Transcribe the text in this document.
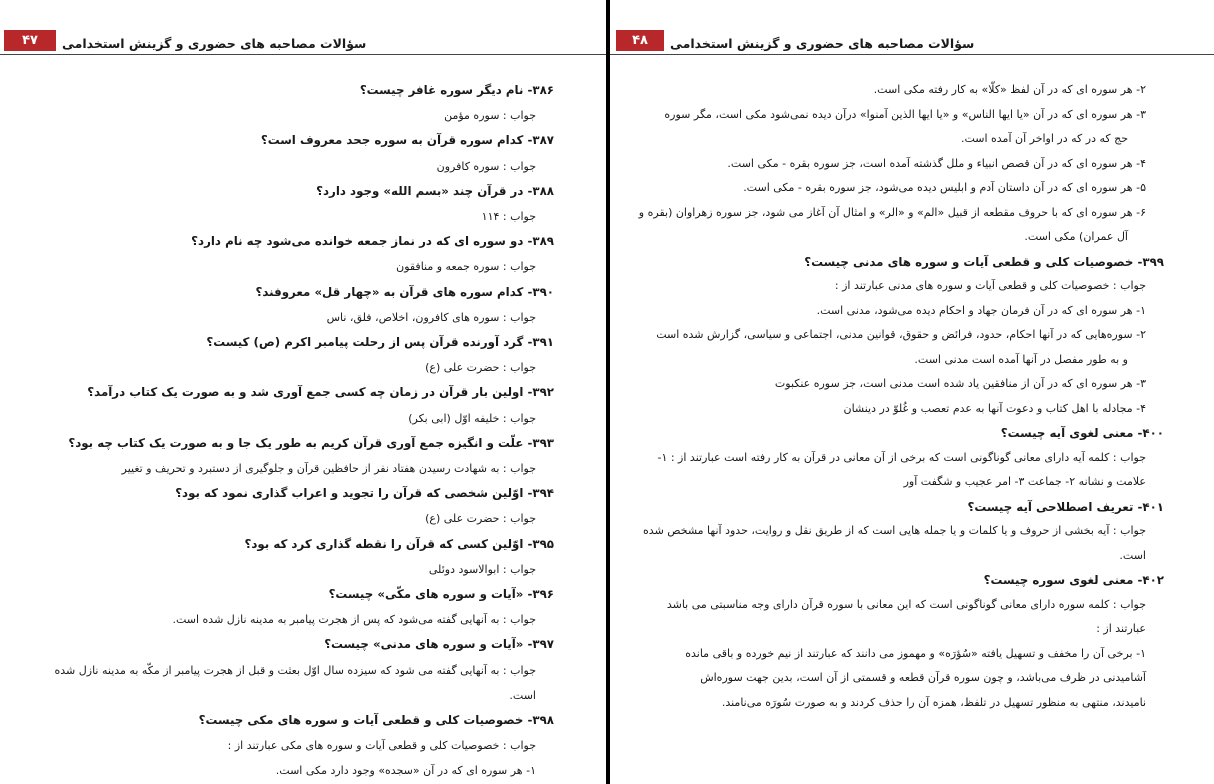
۴۷	سؤالات مصاحبه های حضوری و گزینش استخدامی

۳۸۶- نام دیگر سوره غافر چیست؟

جواب : سوره مؤمن

۳۸۷- کدام سوره قرآن به سوره جحد معروف است؟

جواب : سوره کافرون

۳۸۸- در قرآن چند «بسم الله» وجود دارد؟

جواب : ۱۱۴

۳۸۹- دو سوره ای که در نماز جمعه خوانده می‌شود چه نام دارد؟

جواب : سوره جمعه و منافقون

۳۹۰- کدام سوره های قرآن به «چهار قل» معروفند؟

جواب : سوره های کافرون، اخلاص، فلق، ناس

۳۹۱- گرد آورنده قرآن پس از رحلت پیامبر اکرم (ص) کیست؟

جواب : حضرت علی (ع)

۳۹۲- اولین بار قرآن در زمان چه کسی جمع آوری شد و به صورت یک کتاب درآمد؟

جواب : خلیفه اوّل (ابی بکر)

۳۹۳- علّت و انگیزه جمع آوری قرآن کریم به طور یک جا و به صورت یک کتاب چه بود؟

جواب : به شهادت رسیدن هفتاد نفر از حافظین قرآن و جلوگیری از دستبرد و تحریف و تغییر

۳۹۴- اوّلین شخصی که قرآن را تجوید و اعراب گذاری نمود که بود؟

جواب : حضرت علی (ع)

۳۹۵- اوّلین کسی که قرآن را نقطه گذاری کرد که بود؟

جواب : ابوالاسود دوئلی

۳۹۶- «آیات و سوره های مکّی» چیست؟

جواب : به آنهایی گفته می‌شود که پس از هجرت پیامبر به مدینه نازل شده است.

۳۹۷- «آیات و سوره های مدنی» چیست؟

جواب : به آنهایی گفته می شود که سیزده سال اوّل بعثت و قبل از هجرت پیامبر از مکّه به مدینه نازل شده

است.

۳۹۸- خصوصیات کلی و قطعی آیات و سوره های مکی چیست؟

جواب : خصوصیات کلی و قطعی آیات و سوره های مکی عبارتند از :

۱- هر سوره ای که در آن «سجده» وجود دارد مکی است.

۴۸	سؤالات مصاحبه های حضوری و گزینش استخدامی

۲- هر سوره ای که در آن لفظ «کلّا» به کار رفته مکی است.

۳- هر سوره ای که در آن «یا ایها الناس» و «یا ایها الذین آمنوا» درآن دیده نمی‌شود مکی است، مگر سوره

حج که در که در اواخر آن آمده است.

۴- هر سوره ای که در آن قصص انبیاء و ملل گذشته آمده است، جز سوره بقره - مکی است.

۵- هر سوره ای که در آن داستان آدم و ابلیس دیده می‌شود، جز سوره بقره - مکی است.

۶- هر سوره ای که با حروف مقطعه از قبیل «الم» و «الر» و امثال آن آغاز می شود، جز سوره زهراوان (بقره و

آل عمران) مکی است.

۳۹۹- خصوصیات کلی و قطعی آیات و سوره های مدنی چیست؟

جواب : خصوصیات کلی و قطعی آیات و سوره های مدنی عبارتند از :

۱- هر سوره ای که در آن فرمان جهاد و احکام دیده می‌شود، مدنی است.

۲- سوره‌هایی که در آنها احکام، حدود، فرائض و حقوق، قوانین مدنی، اجتماعی و سیاسی، گزارش شده است

و به طور مفصل در آنها آمده است مدنی است.

۳- هر سوره ای که در آن از منافقین یاد شده است مدنی است، جز سوره عنکبوت

۴- مجادله با اهل کتاب و دعوت آنها به عدم تعصب و غُلوّ در دینشان

۴۰۰- معنی لغوی آیه چیست؟

جواب : کلمه آیه دارای معانی گوناگونی است که برخی از آن معانی در قرآن به کار رفته است عبارتند از : ۱-

علامت و نشانه ۲- جماعت ۳- امر عجیب و شگفت آور

۴۰۱- تعریف اصطلاحی آیه چیست؟

جواب : آیه بخشی از حروف و یا کلمات و یا جمله هایی است که از طریق نقل و روایت، حدود آنها مشخص شده

است.

۴۰۲- معنی لغوی سوره چیست؟

جواب : کلمه سوره دارای معانی گوناگونی است که این معانی با سوره قرآن دارای وجه مناسبتی می باشد

عبارتند از :

۱- برخی آن را مخفف و تسهیل یافته «سُؤرَه» و مهموز می دانند که عبارتند از نیم خورده و باقی مانده

آشامیدنی در ظرف می‌باشد، و چون سوره قرآن قطعه و قسمتی از آن است، بدین جهت سوره‌اش

نامیدند، منتهی به منظور تسهیل در تلفظ، همزه آن را حذف کردند و به صورت سُورَه می‌نامند.
